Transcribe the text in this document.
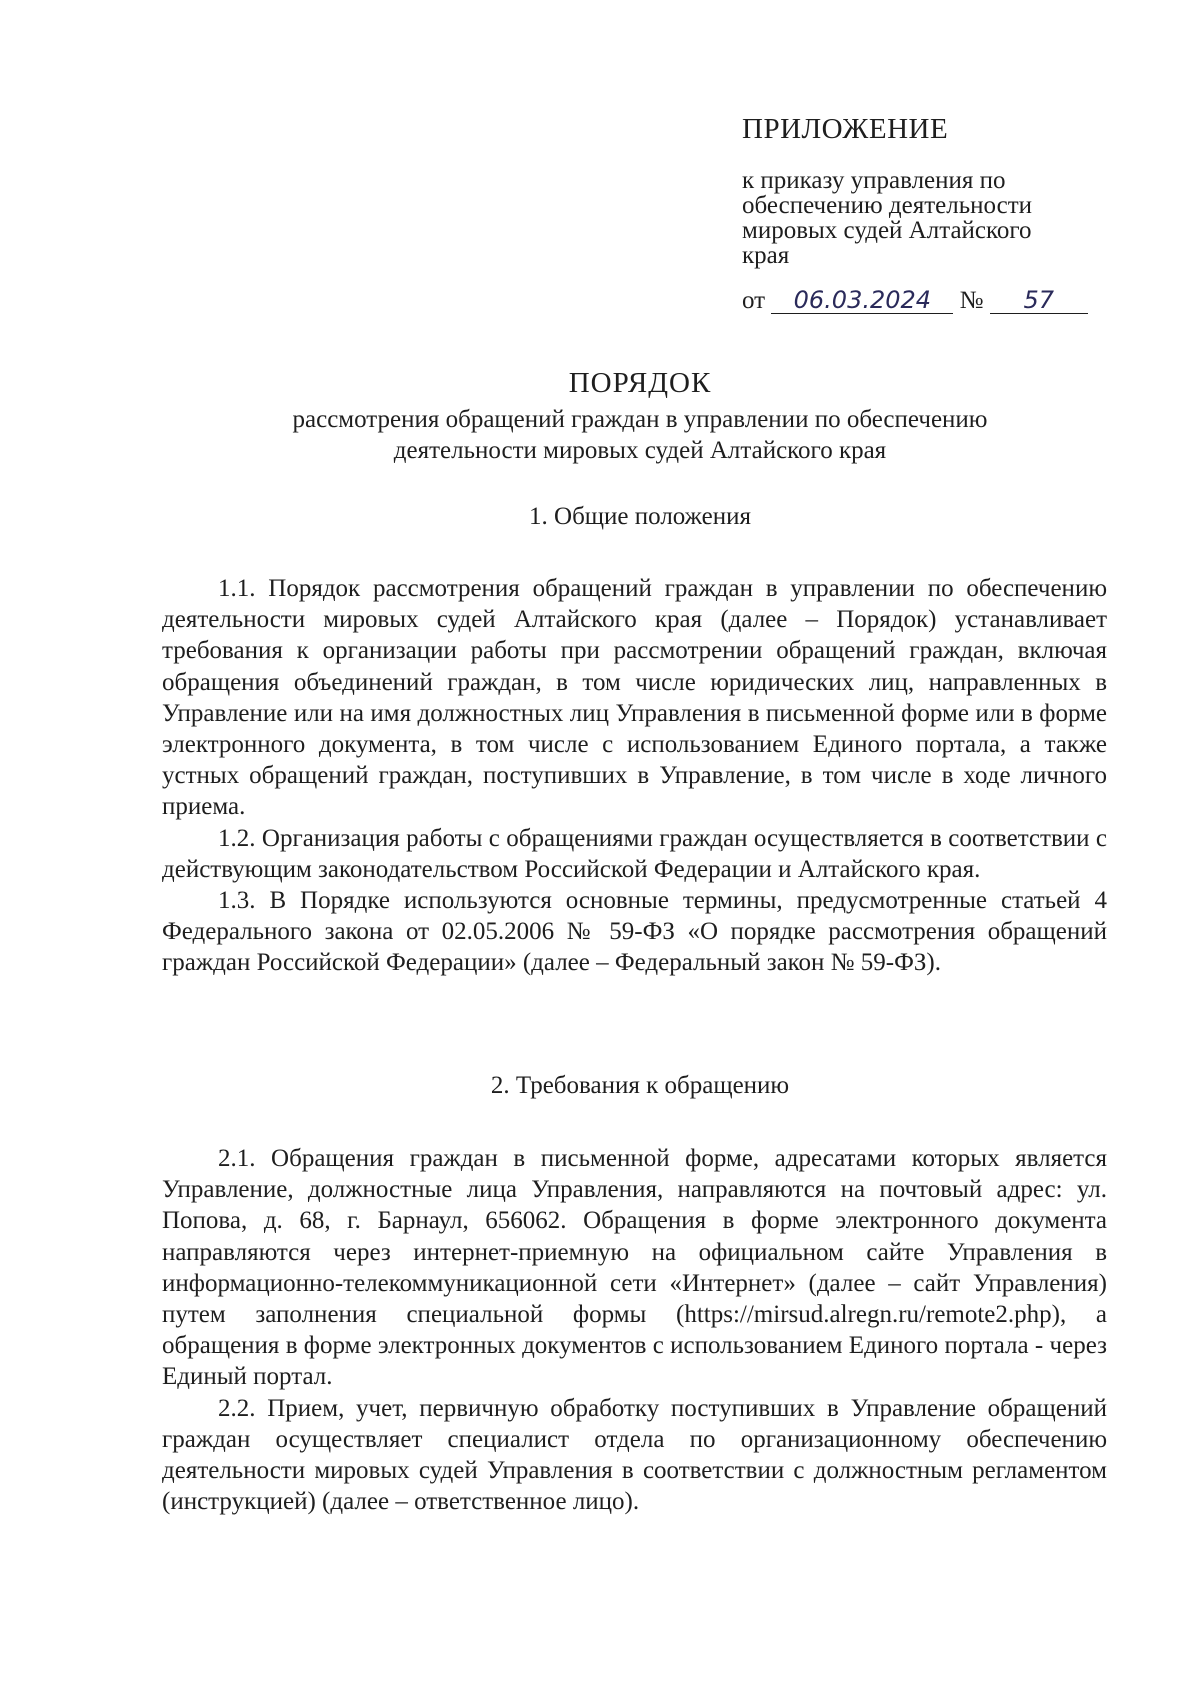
ПРИЛОЖЕНИЕ
к приказу управления по
обеспечению деятельности
мировых судей Алтайского
края
от 06.03.2024 № 57
ПОРЯДОК
рассмотрения обращений граждан в управлении по обеспечению
деятельности мировых судей Алтайского края
1. Общие положения

1.1. Порядок рассмотрения обращений граждан в управлении по обеспечению деятельности мировых судей Алтайского края (далее – Порядок) устанавливает требования к организации работы при рассмотрении обращений граждан, включая обращения объединений граждан, в том числе юридических лиц, направленных в Управление или на имя должностных лиц Управления в письменной форме или в форме электронного документа, в том числе с использованием Единого портала, а также устных обращений граждан, поступивших в Управление, в том числе в ходе личного приема.

1.2. Организация работы с обращениями граждан осуществляется в соответствии с действующим законодательством Российской Федерации и Алтайского края.

1.3. В Порядке используются основные термины, предусмотренные статьей 4 Федерального закона от 02.05.2006 № 59-ФЗ «О порядке рассмотрения обращений граждан Российской Федерации» (далее – Федеральный закон № 59-ФЗ).

2. Требования к обращению

2.1. Обращения граждан в письменной форме, адресатами которых является Управление, должностные лица Управления, направляются на почтовый адрес: ул. Попова, д. 68, г. Барнаул, 656062. Обращения в форме электронного документа направляются через интернет-приемную на официальном сайте Управления в информационно-телекоммуникационной сети «Интернет» (далее – сайт Управления) путем заполнения специальной формы (https://mirsud.alregn.ru/remote2.php), а обращения в форме электронных документов с использованием Единого портала - через Единый портал.

2.2. Прием, учет, первичную обработку поступивших в Управление обращений граждан осуществляет специалист отдела по организационному обеспечению деятельности мировых судей Управления в соответствии с должностным регламентом (инструкцией) (далее – ответственное лицо).
